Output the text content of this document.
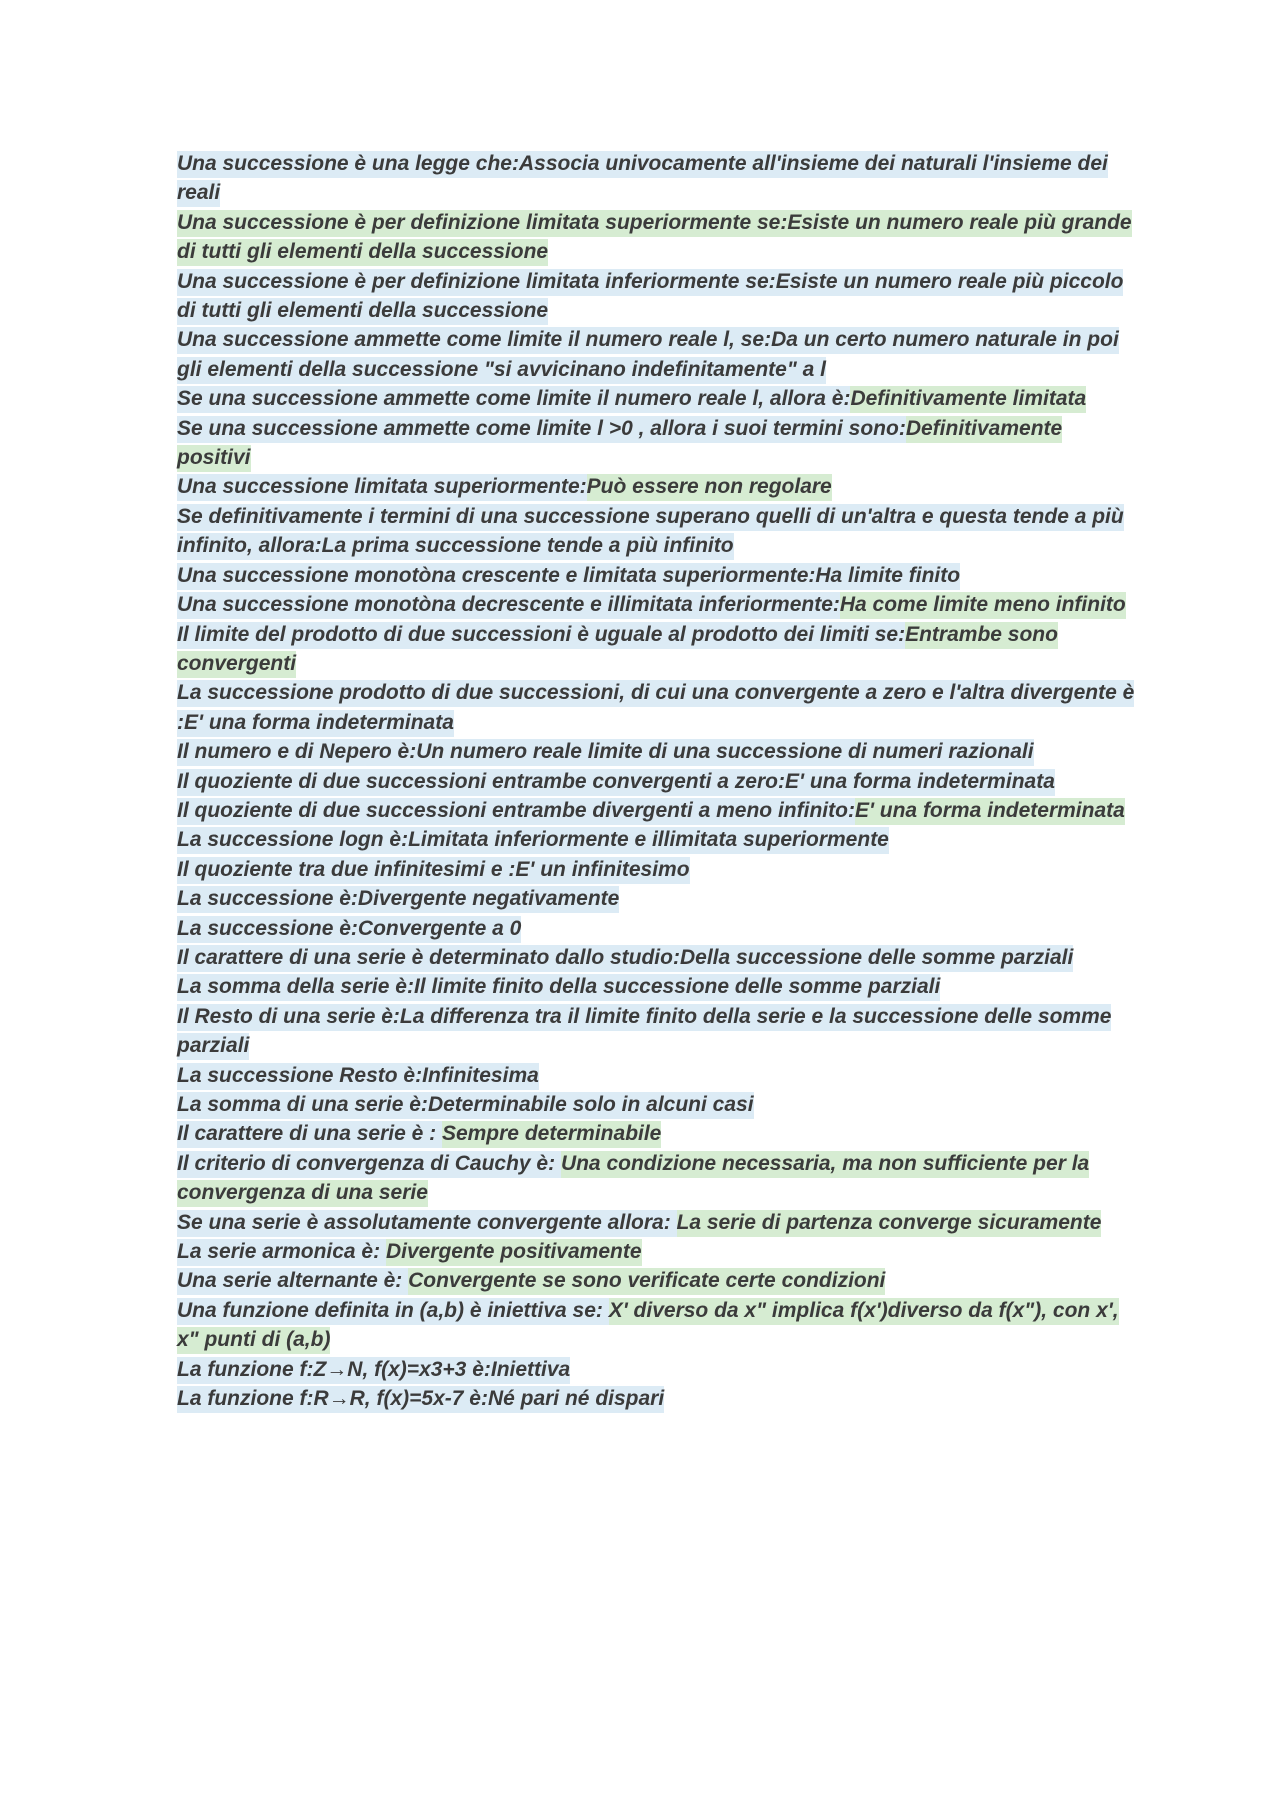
Una successione è una legge che:Associa univocamente all'insieme dei naturali l'insieme dei reali
Una successione è per definizione limitata superiormente se:Esiste un numero reale più grande di tutti gli elementi della successione
Una successione è per definizione limitata inferiormente se:Esiste un numero reale più piccolo di tutti gli elementi della successione
Una successione ammette come limite il numero reale l, se:Da un certo numero naturale in poi gli elementi della successione "si avvicinano indefinitamente" a l
Se una successione ammette come limite il numero reale l, allora è:Definitivamente limitata
Se una successione ammette come limite l >0 , allora i suoi termini sono:Definitivamente positivi
Una successione limitata superiormente:Può essere non regolare
Se definitivamente i termini di una successione superano quelli di un'altra e questa tende a più infinito, allora:La prima successione tende a più infinito
Una successione monotòna crescente e limitata superiormente:Ha limite finito
Una successione monotòna decrescente e illimitata inferiormente:Ha come limite meno infinito
Il limite del prodotto di due successioni è uguale al prodotto dei limiti se:Entrambe sono convergenti
La successione prodotto di due successioni, di cui una convergente a zero e l'altra divergente è :E' una forma indeterminata
Il numero e di Nepero è:Un numero reale limite di una successione di numeri razionali
Il quoziente di due successioni entrambe convergenti a zero:E' una forma indeterminata
Il quoziente di due successioni entrambe divergenti a meno infinito:E' una forma indeterminata
La successione logn è:Limitata inferiormente e illimitata superiormente
Il quoziente tra due infinitesimi e :E' un infinitesimo
La successione è:Divergente negativamente
La successione è:Convergente a 0
Il carattere di una serie è determinato dallo studio:Della successione delle somme parziali
La somma della serie è:Il limite finito della successione delle somme parziali
Il Resto di una serie è:La differenza tra il limite finito della serie e la successione delle somme parziali
La successione Resto è:Infinitesima
La somma di una serie è:Determinabile solo in alcuni casi
Il carattere di una serie è : Sempre determinabile
Il criterio di convergenza di Cauchy è: Una condizione necessaria, ma non sufficiente per la convergenza di una serie
Se una serie è assolutamente convergente allora: La serie di partenza converge sicuramente
La serie armonica è: Divergente positivamente
Una serie alternante è: Convergente se sono verificate certe condizioni
Una funzione definita in (a,b) è iniettiva se: X' diverso da x" implica f(x')diverso da f(x"), con x', x" punti di (a,b)
La funzione f:Z→N, f(x)=x3+3 è:Iniettiva
La funzione f:R→R, f(x)=5x-7 è:Né pari né dispari
